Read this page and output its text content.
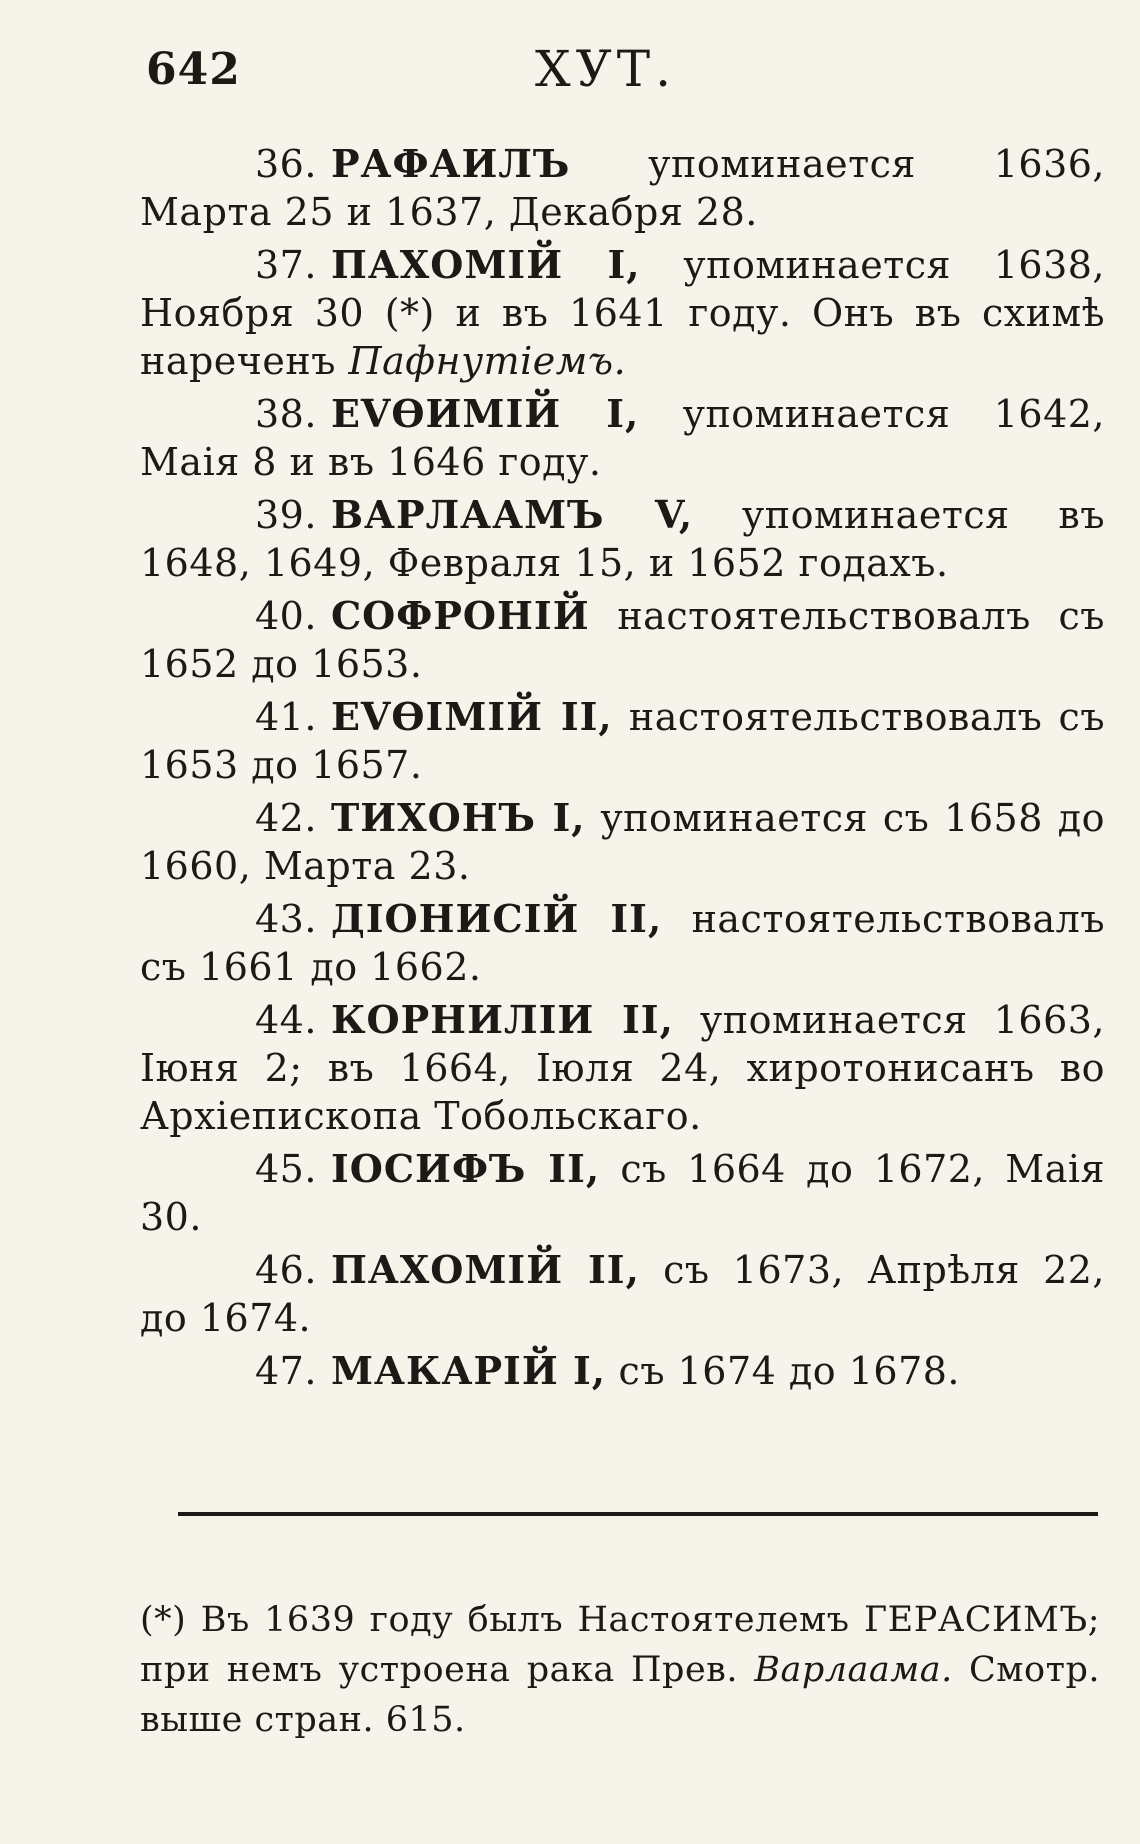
642	ХУТ.

36. РАФАИЛЪ упоминается 1636, Марта 25 и 1637, Декабря 28.

37. ПАХОМІЙ I, упоминается 1638, Ноября 30 (*) и въ 1641 году. Онъ въ схимѣ нареченъ Пафнутіемъ.

38. ЕVѲИМІЙ I, упоминается 1642, Маія 8 и въ 1646 году.

39. ВАРЛААМЪ V, упоминается въ 1648, 1649, Февраля 15, и 1652 годахъ.

40. СОФРОНІЙ настоятельствовалъ съ 1652 до 1653.

41. ЕVѲІМІЙ II, настоятельствовалъ съ 1653 до 1657.

42. ТИХОНЪ I, упоминается съ 1658 до 1660, Марта 23.

43. ДІОНИСІЙ II, настоятельствовалъ съ 1661 до 1662.

44. КОРНИЛІИ II, упоминается 1663, Іюня 2; въ 1664, Іюля 24, хиротонисанъ во Архіепископа Тобольскаго.

45. ІОСИФЪ II, съ 1664 до 1672, Маія 30.

46. ПАХОМІЙ II, съ 1673, Апрѣля 22, до 1674.

47. МАКАРІЙ I, съ 1674 до 1678.

(*) Въ 1639 году былъ Настоятелемъ ГЕРАСИМЪ; при немъ устроена рака Прев. Варлаама. Смотр. выше стран. 615.
